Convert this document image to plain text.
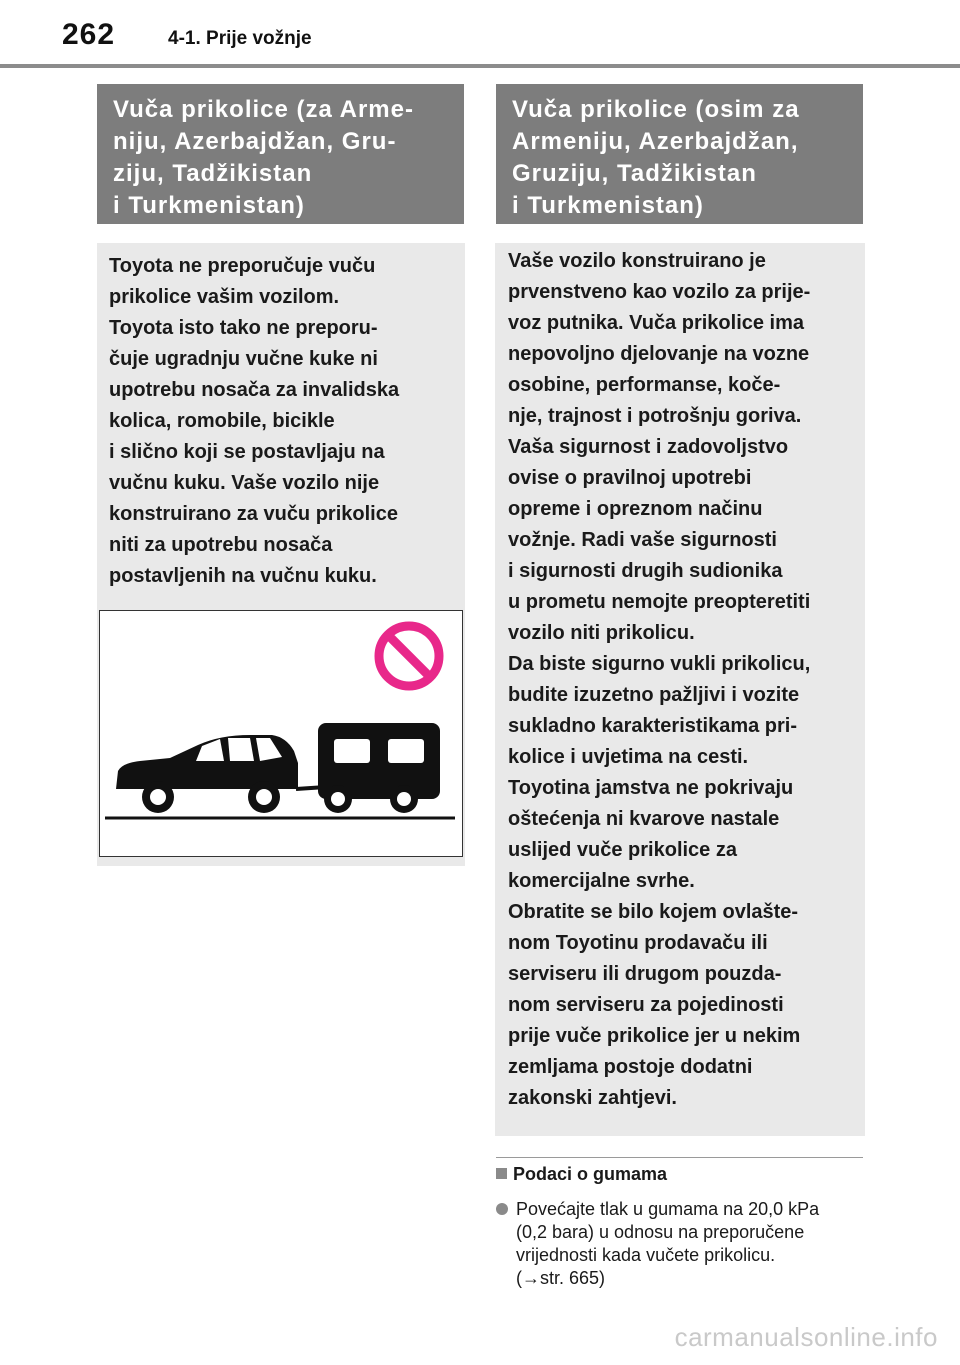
262	4-1. Prije vožnje
Vuča prikolice (za Arme-
niju, Azerbajdžan, Gru-
ziju, Tadžikistan
i Turkmenistan)

Toyota ne preporučuje vuču
prikolice vašim vozilom.
Toyota isto tako ne preporu-
čuje ugradnju vučne kuke ni
upotrebu nosača za invalidska
kolica, romobile, bicikle
i slično koji se postavljaju na
vučnu kuku. Vaše vozilo nije
konstruirano za vuču prikolice
niti za upotrebu nosača
postavljenih na vučnu kuku.

Vuča prikolice (osim za
Armeniju, Azerbajdžan,
Gruziju, Tadžikistan
i Turkmenistan)

Vaše vozilo konstruirano je
prvenstveno kao vozilo za prije-
voz putnika. Vuča prikolice ima
nepovoljno djelovanje na vozne
osobine, performanse, koče-
nje, trajnost i potrošnju goriva.
Vaša sigurnost i zadovoljstvo
ovise o pravilnoj upotrebi
opreme i opreznom načinu
vožnje. Radi vaše sigurnosti
i sigurnosti drugih sudionika
u prometu nemojte preopteretiti
vozilo niti prikolicu.

Da biste sigurno vukli prikolicu,
budite izuzetno pažljivi i vozite
sukladno karakteristikama pri-
kolice i uvjetima na cesti.

Toyotina jamstva ne pokrivaju
oštećenja ni kvarove nastale
uslijed vuče prikolice za
komercijalne svrhe.

Obratite se bilo kojem ovlašte-
nom Toyotinu prodavaču ili
serviseru ili drugom pouzda-
nom serviseru za pojedinosti
prije vuče prikolice jer u nekim
zemljama postoje dodatni
zakonski zahtjevi.

Podaci o gumama
Povećajte tlak u gumama na 20,0 kPa
(0,2 bara) u odnosu na preporučene
vrijednosti kada vučete prikolicu.
(→str. 665)
carmanualsonline.info
